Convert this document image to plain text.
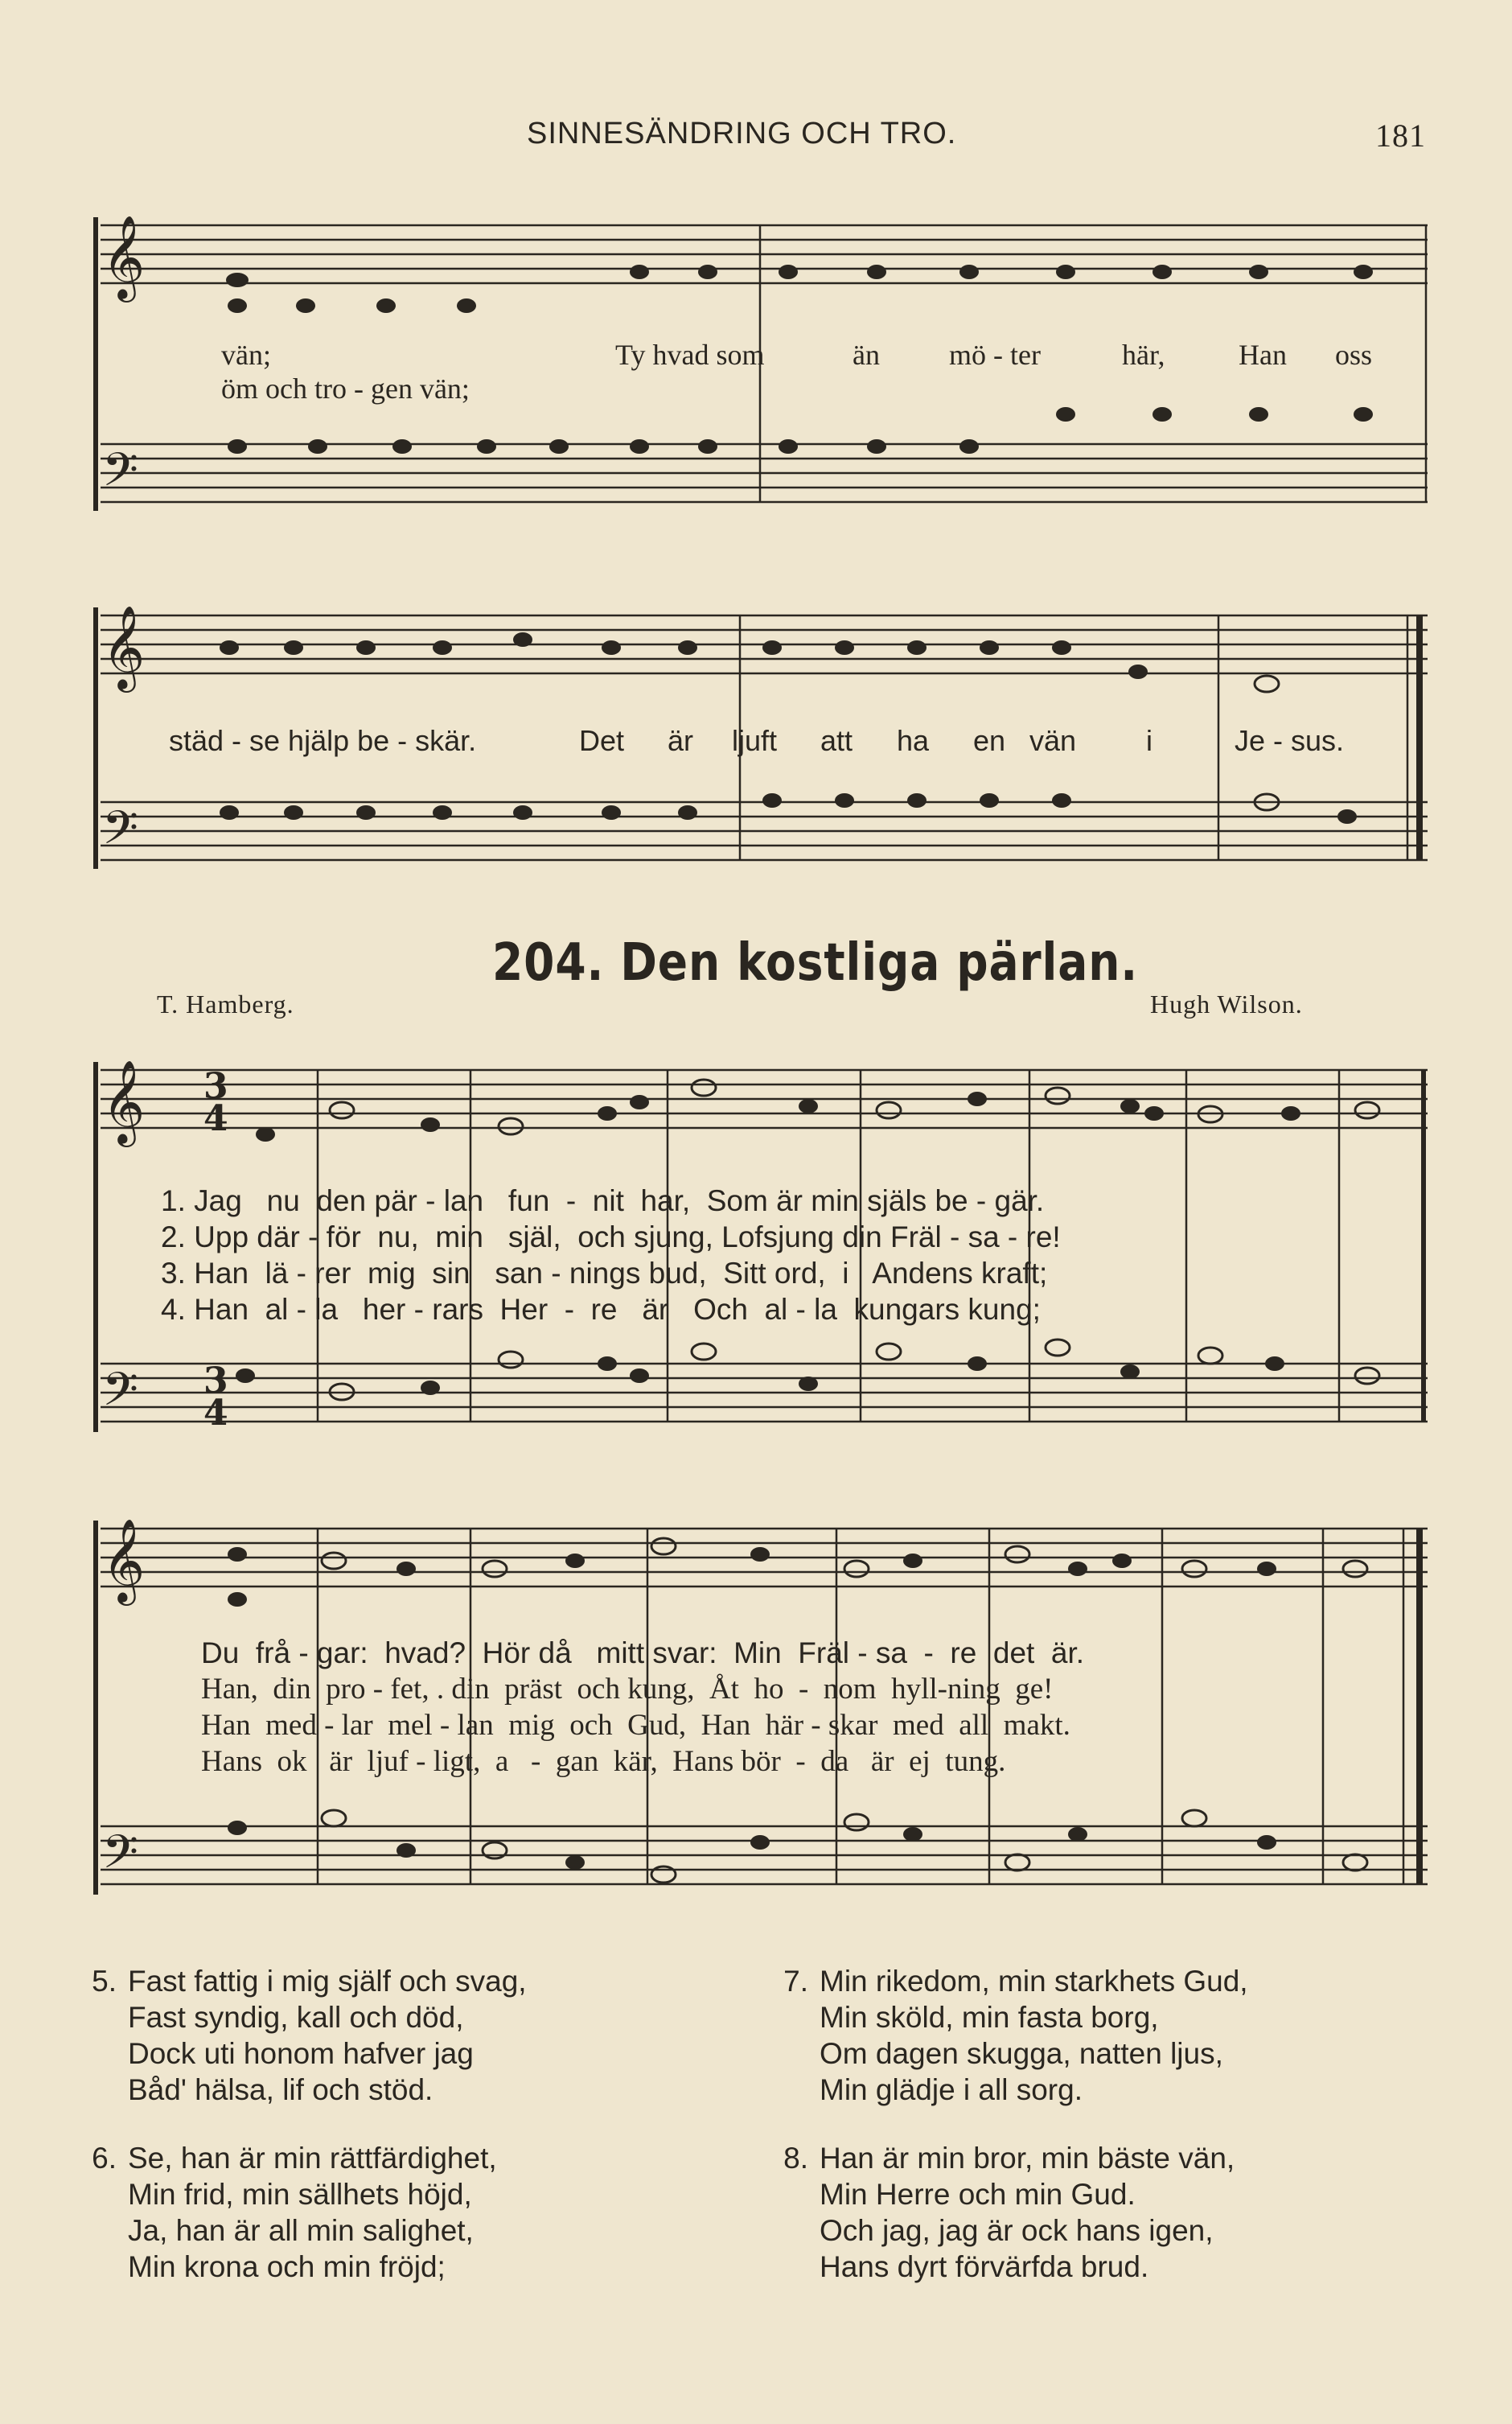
SINNESÄNDRING OCH TRO.	181
𝄞
𝄢
vän;	Ty hvad som	än mö - ter	här,	Han oss
öm och tro - gen vän;
𝄞
𝄢
städ - se hjälp be - skär.	Det är ljuft att ha en vän i	Je - sus.
204. Den kostliga pärlan.
T. Hamberg.	Hugh Wilson.
𝄞
𝄢
3
4
3
4
1. Jag   nu  den pär - lan   fun  -  nit  har,  Som är min själs be - gär.
2. Upp där - för  nu,  min   själ,  och sjung, Lofsjung din Fräl - sa - re!
3. Han  lä - rer  mig  sin   san - nings bud,  Sitt ord,  i   Andens kraft;
4. Han  al - la   her - rars  Her  -  re   är   Och  al - la  kungars kung;
𝄞
𝄢
Du  frå - gar:  hvad?  Hör då   mitt svar:  Min  Fräl - sa  -  re  det  är.
Han,  din  pro - fet, . din  präst  och kung,  Åt  ho  -  nom  hyll-ning  ge!
Han  med - lar  mel - lan  mig  och  Gud,  Han  här - skar  med  all  makt.
Hans  ok   är  ljuf - ligt,  a   -  gan  kär,  Hans bör  -  da   är  ej  tung.
5. Fast fattig i mig själf och svag,
Fast syndig, kall och död,
Dock uti honom hafver jag
Båd' hälsa, lif och stöd.
6. Se, han är min rättfärdighet,
Min frid, min sällhets höjd,
Ja, han är all min salighet,
Min krona och min fröjd;
7. Min rikedom, min starkhets Gud,
Min sköld, min fasta borg,
Om dagen skugga, natten ljus,
Min glädje i all sorg.
8. Han är min bror, min bäste vän,
Min Herre och min Gud.
Och jag, jag är ock hans igen,
Hans dyrt förvärfda brud.
